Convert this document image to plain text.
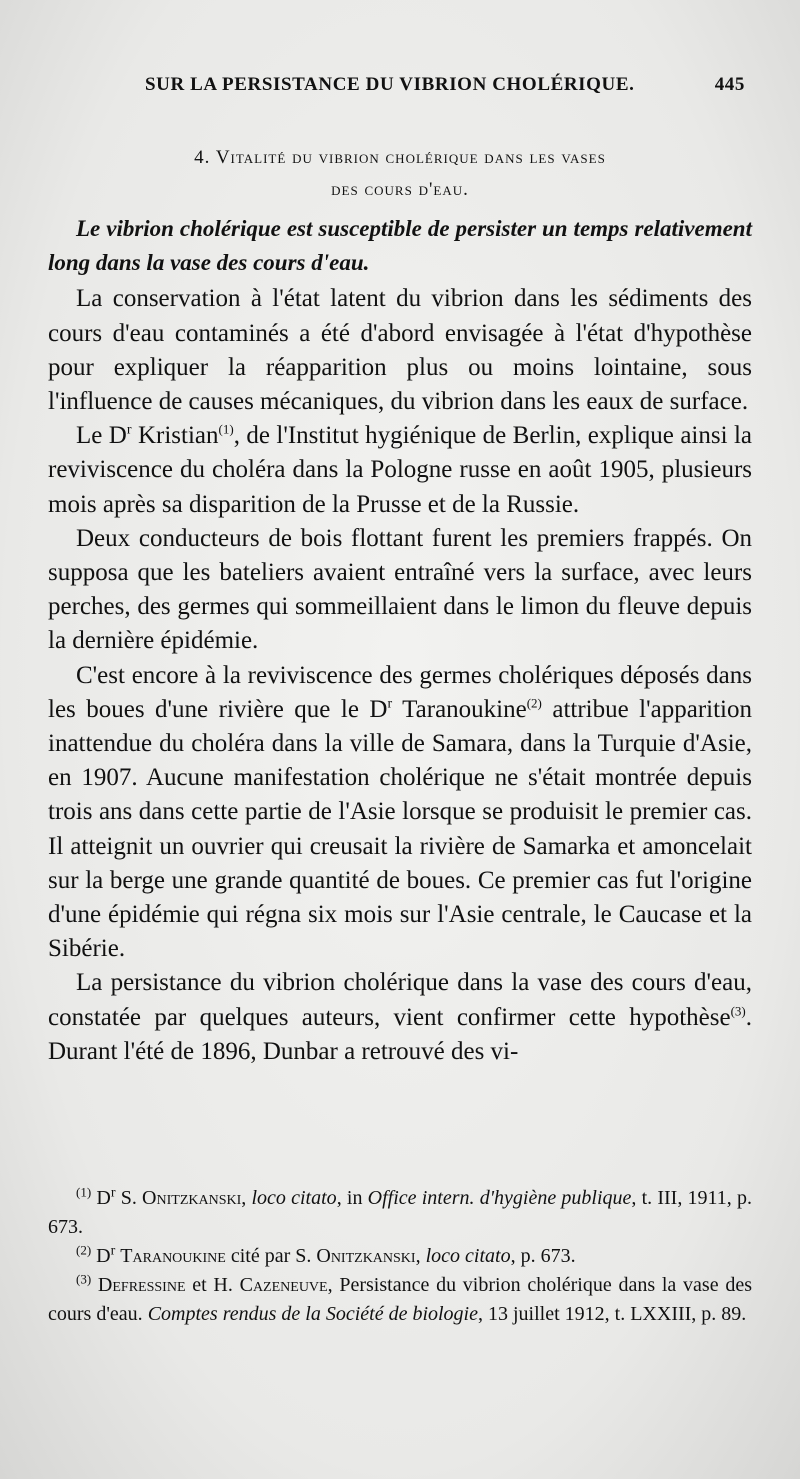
SUR LA PERSISTANCE DU VIBRION CHOLÉRIQUE.	445
4. Vitalité du vibrion cholérique dans les vases
des cours d'eau.

Le vibrion cholérique est susceptible de persister un temps relativement long dans la vase des cours d'eau.

La conservation à l'état latent du vibrion dans les sédiments des cours d'eau contaminés a été d'abord envisagée à l'état d'hypothèse pour expliquer la réapparition plus ou moins lointaine, sous l'influence de causes mécaniques, du vibrion dans les eaux de surface.

Le $D^r$ Kristian$^{(1)}$, de l'Institut hygiénique de Berlin, explique ainsi la reviviscence du choléra dans la Pologne russe en août 1905, plusieurs mois après sa disparition de la Prusse et de la Russie.

Deux conducteurs de bois flottant furent les premiers frappés. On supposa que les bateliers avaient entraîné vers la surface, avec leurs perches, des germes qui sommeillaient dans le limon du fleuve depuis la dernière épidémie.

C'est encore à la reviviscence des germes cholériques déposés dans les boues d'une rivière que le $D^r$ Taranoukine$^{(2)}$ attribue l'apparition inattendue du choléra dans la ville de Samara, dans la Turquie d'Asie, en 1907. Aucune manifestation cholérique ne s'était montrée depuis trois ans dans cette partie de l'Asie lorsque se produisit le premier cas. Il atteignit un ouvrier qui creusait la rivière de Samarka et amoncelait sur la berge une grande quantité de boues. Ce premier cas fut l'origine d'une épidémie qui régna six mois sur l'Asie centrale, le Caucase et la Sibérie.

La persistance du vibrion cholérique dans la vase des cours d'eau, constatée par quelques auteurs, vient confirmer cette hypothèse$^{(3)}$. Durant l'été de 1896, Dunbar a retrouvé des vi-

$^{(1)}$ $D^r$ S. Onitzkanski, loco citato, in Office intern. d'hygiène publique, t. III, 1911, p. 673.

$^{(2)}$ $D^r$ Taranoukine cité par S. Onitzkanski, loco citato, p. 673.

$^{(3)}$ Defressine et H. Cazeneuve, Persistance du vibrion cholérique dans la vase des cours d'eau. Comptes rendus de la Société de biologie, 13 juillet 1912, t. LXXIII, p. 89.
